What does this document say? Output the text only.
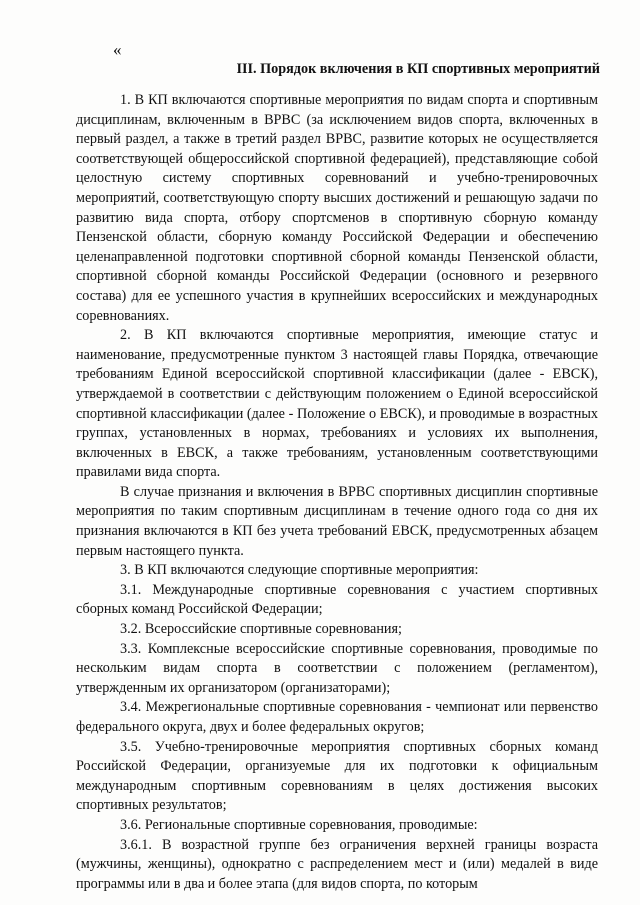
«
III. Порядок включения в КП спортивных мероприятий

1. В КП включаются спортивные мероприятия по видам спорта и спортивным дисциплинам, включенным в ВРВС (за исключением видов спорта, включенных в первый раздел, а также в третий раздел ВРВС, развитие которых не осуществляется соответствующей общероссийской спортивной федерацией), представляющие собой целостную систему спортивных соревнований и учебно-тренировочных мероприятий, соответствующую спорту высших достижений и решающую задачи по развитию вида спорта, отбору спортсменов в спортивную сборную команду Пензенской области, сборную команду Российской Федерации и обеспечению целенаправленной подготовки спортивной сборной команды Пензенской области, спортивной сборной команды Российской Федерации (основного и резервного состава) для ее успешного участия в крупнейших всероссийских и международных соревнованиях.

2. В КП включаются спортивные мероприятия, имеющие статус и наименование, предусмотренные пунктом 3 настоящей главы Порядка, отвечающие требованиям Единой всероссийской спортивной классификации (далее - ЕВСК), утверждаемой в соответствии с действующим положением о Единой всероссийской спортивной классификации (далее - Положение о ЕВСК), и проводимые в возрастных группах, установленных в нормах, требованиях и условиях их выполнения, включенных в ЕВСК, а также требованиям, установленным соответствующими правилами вида спорта.

В случае признания и включения в ВРВС спортивных дисциплин спортивные мероприятия по таким спортивным дисциплинам в течение одного года со дня их признания включаются в КП без учета требований ЕВСК, предусмотренных абзацем первым настоящего пункта.

3. В КП включаются следующие спортивные мероприятия:

3.1. Международные спортивные соревнования с участием спортивных сборных команд Российской Федерации;

3.2. Всероссийские спортивные соревнования;

3.3. Комплексные всероссийские спортивные соревнования, проводимые по нескольким видам спорта в соответствии с положением (регламентом), утвержденным их организатором (организаторами);

3.4. Межрегиональные спортивные соревнования - чемпионат или первенство федерального округа, двух и более федеральных округов;

3.5. Учебно-тренировочные мероприятия спортивных сборных команд Российской Федерации, организуемые для их подготовки к официальным международным спортивным соревнованиям в целях достижения высоких спортивных результатов;

3.6. Региональные спортивные соревнования, проводимые:

3.6.1. В возрастной группе без ограничения верхней границы возраста (мужчины, женщины), однократно с распределением мест и (или) медалей в виде программы или в два и более этапа (для видов спорта, по которым
